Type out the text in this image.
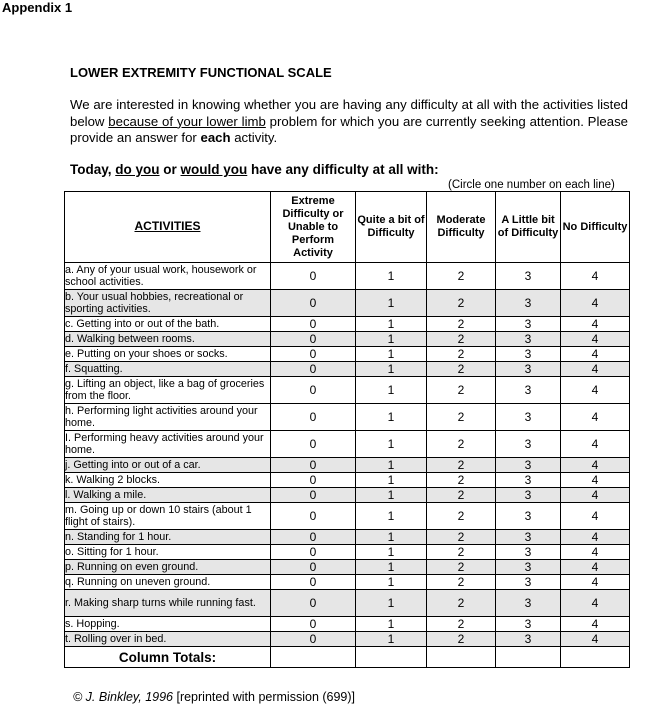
Appendix 1
LOWER EXTREMITY FUNCTIONAL SCALE
We are interested in knowing whether you are having any difficulty at all with the activities listed below because of your lower limb problem for which you are currently seeking attention. Please provide an answer for each activity.
Today, do you or would you have any difficulty at all with:
(Circle one number on each line)
ACTIVITIES	Extreme Difficulty or Unable to Perform Activity	Quite a bit of Difficulty	Moderate Difficulty	A Little bit of Difficulty	No Difficulty
a. Any of your usual work, housework or school activities.	0	1	2	3	4
b. Your usual hobbies, recreational or sporting activities.	0	1	2	3	4
c. Getting into or out of the bath.	0	1	2	3	4
d. Walking between rooms.	0	1	2	3	4
e. Putting on your shoes or socks.	0	1	2	3	4
f. Squatting.	0	1	2	3	4
g. Lifting an object, like a bag of groceries from the floor.	0	1	2	3	4
h. Performing light activities around your home.	0	1	2	3	4
I. Performing heavy activities around your home.	0	1	2	3	4
j. Getting into or out of a car.	0	1	2	3	4
k. Walking 2 blocks.	0	1	2	3	4
l. Walking a mile.	0	1	2	3	4
m. Going up or down 10 stairs (about 1 flight of stairs).	0	1	2	3	4
n. Standing for 1 hour.	0	1	2	3	4
o. Sitting for 1 hour.	0	1	2	3	4
p. Running on even ground.	0	1	2	3	4
q. Running on uneven ground.	0	1	2	3	4
r. Making sharp turns while running fast.	0	1	2	3	4
s. Hopping.	0	1	2	3	4
t. Rolling over in bed.	0	1	2	3	4
Column Totals:					
© J. Binkley, 1996 [reprinted with permission (699)]
